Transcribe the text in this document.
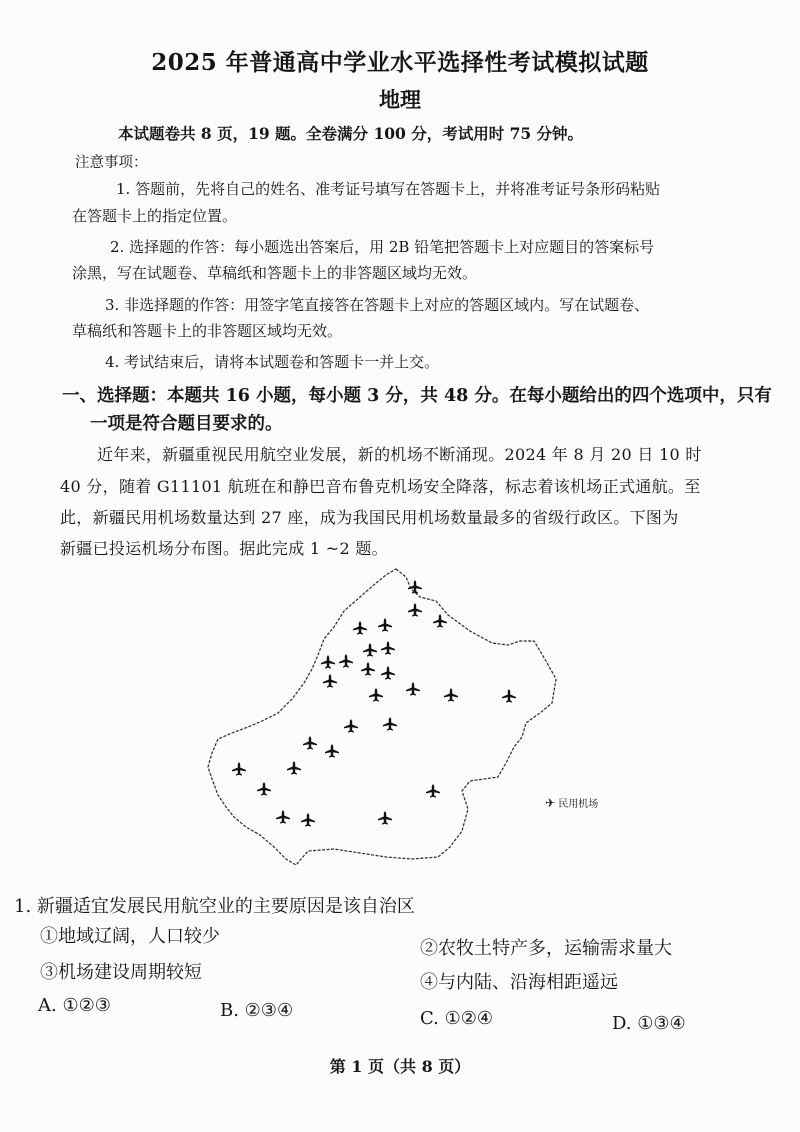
2025 年普通高中学业水平选择性考试模拟试题
地理
本试题卷共 8 页，19 题。全卷满分 100 分，考试用时 75 分钟。
注意事项：
1. 答题前，先将自己的姓名、准考证号填写在答题卡上，并将准考证号条形码粘贴
在答题卡上的指定位置。
2. 选择题的作答：每小题选出答案后，用 2B 铅笔把答题卡上对应题目的答案标号
涂黑，写在试题卷、草稿纸和答题卡上的非答题区域均无效。
3. 非选择题的作答：用签字笔直接答在答题卡上对应的答题区域内。写在试题卷、
草稿纸和答题卡上的非答题区域均无效。
4. 考试结束后，请将本试题卷和答题卡一并上交。
一、选择题：本题共 16 小题，每小题 3 分，共 48 分。在每小题给出的四个选项中，只有
一项是符合题目要求的。
近年来，新疆重视民用航空业发展，新的机场不断涌现。2024 年 8 月 20 日 10 时
40 分，随着 G11101 航班在和静巴音布鲁克机场安全降落，标志着该机场正式通航。至
此，新疆民用机场数量达到 27 座，成为我国民用机场数量最多的省级行政区。下图为
新疆已投运机场分布图。据此完成 1 ~2 题。
✈ 民用机场
1. 新疆适宜发展民用航空业的主要原因是该自治区
①地域辽阔，人口较少
②农牧土特产多，运输需求量大
③机场建设周期较短	④与内陆、沿海相距遥远
A. ①②③	B. ②③④	C. ①②④	D. ①③④
第 1 页（共 8 页）
